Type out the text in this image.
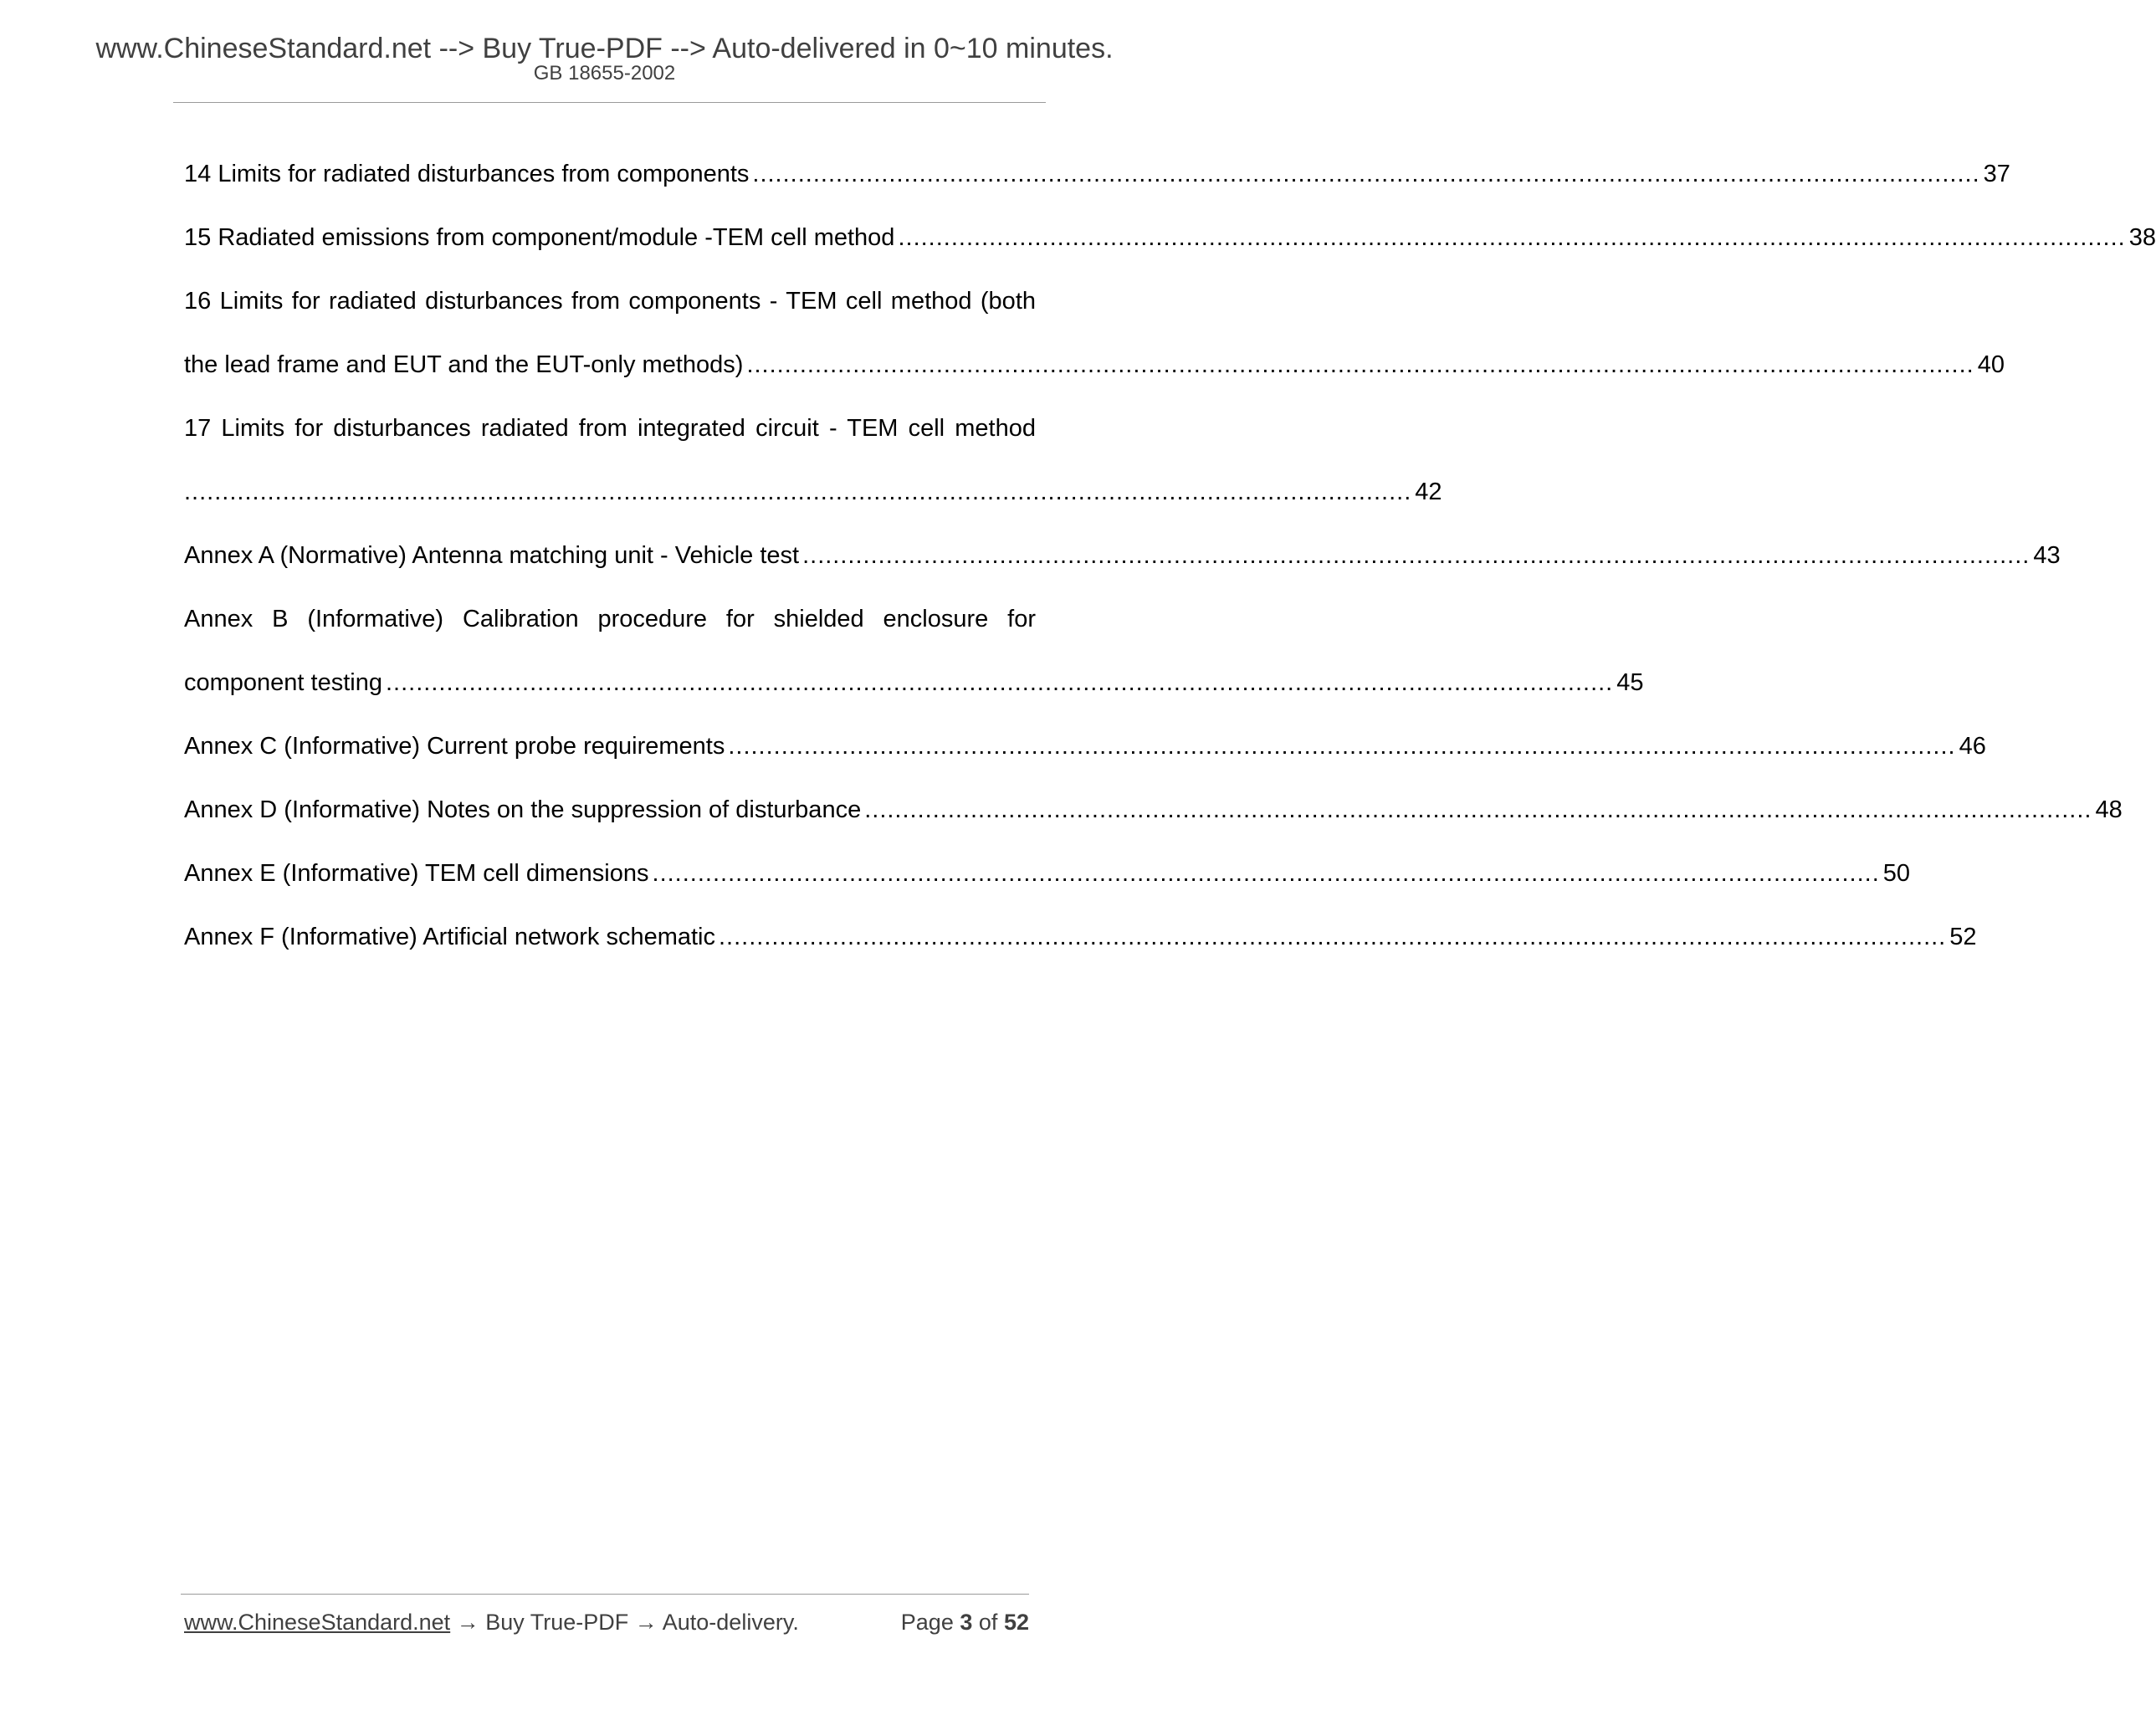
www.ChineseStandard.net --> Buy True-PDF --> Auto-delivered in 0~10 minutes.
GB 18655-2002
14 Limits for radiated disturbances from components .................................................................................................................................................................. 37
15 Radiated emissions from component/module -TEM cell method .................................................................................................................................................................. 38
16 Limits for radiated disturbances from components - TEM cell method (both
the lead frame and EUT and the EUT-only methods) .................................................................................................................................................................. 40
17 Limits for disturbances radiated from integrated circuit - TEM cell method
.................................................................................................................................................................. 42
Annex A (Normative) Antenna matching unit - Vehicle test .................................................................................................................................................................. 43
Annex B (Informative) Calibration procedure for shielded enclosure for
component testing .................................................................................................................................................................. 45
Annex C (Informative) Current probe requirements .................................................................................................................................................................. 46
Annex D (Informative) Notes on the suppression of disturbance .................................................................................................................................................................. 48
Annex E (Informative) TEM cell dimensions .................................................................................................................................................................. 50
Annex F (Informative) Artificial network schematic .................................................................................................................................................................. 52
www.ChineseStandard.net → Buy True-PDF → Auto-delivery.	Page 3 of 52
